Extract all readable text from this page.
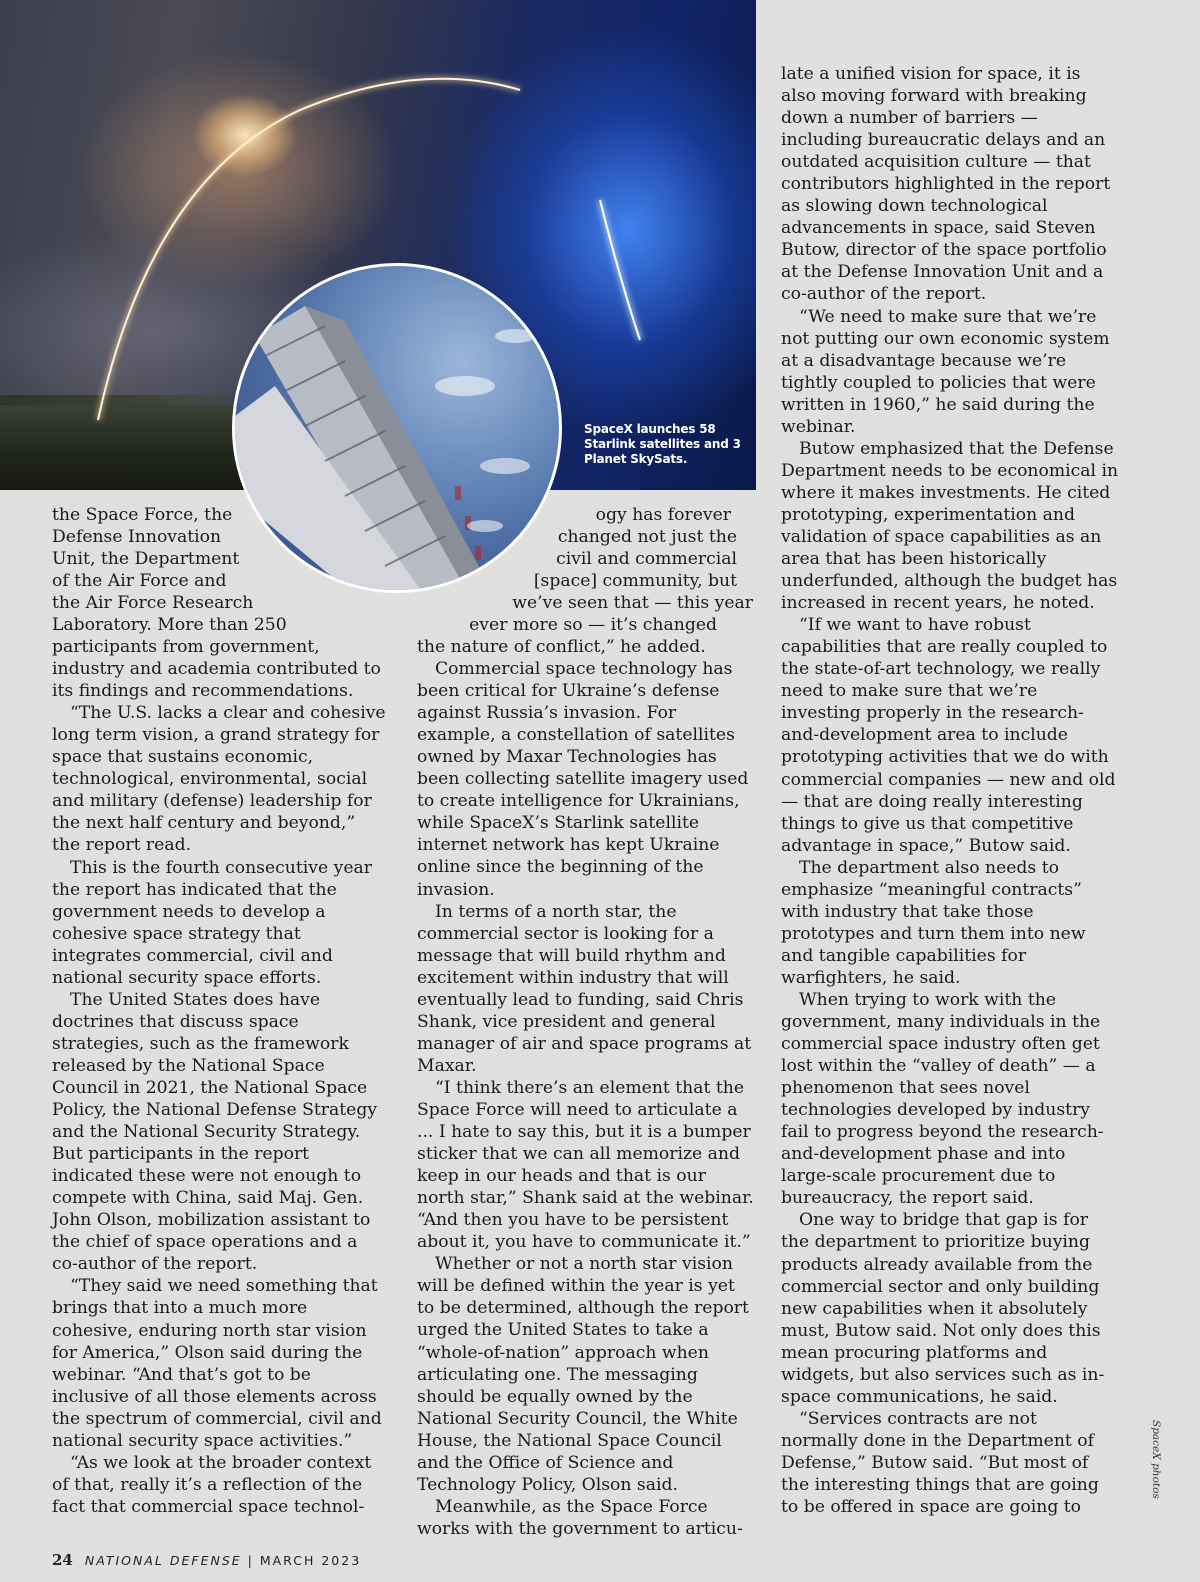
SpaceX launches 58 Starlink satellites and 3 Planet SkySats.
the Space Force, the
Defense Innovation
Unit, the Department
of the Air Force and
the Air Force Research

Laboratory. More than 250 participants from government, industry and academia contributed to its findings and recommendations.

“The U.S. lacks a clear and cohesive long term vision, a grand strategy for space that sustains economic, technological, environmental, social and military (defense) leadership for the next half century and beyond,” the report read.

This is the fourth consecutive year the report has indicated that the government needs to develop a cohesive space strategy that integrates commercial, civil and national security space efforts.

The United States does have doctrines that discuss space strategies, such as the framework released by the National Space Council in 2021, the National Space Policy, the National Defense Strategy and the National Security Strategy. But participants in the report indicated these were not enough to compete with China, said Maj. Gen. John Olson, mobilization assistant to the chief of space operations and a co-author of the report.

“They said we need something that brings that into a much more cohesive, enduring north star vision for America,” Olson said during the webinar. “And that’s got to be inclusive of all those elements across the spectrum of commercial, civil and national security space activities.”

“As we look at the broader context of that, really it’s a reflection of the fact that commercial space technol-

ogy has forever
changed not just the
civil and commercial
[space] community, but
we’ve seen that — this year
ever more so — it’s changed

the nature of conflict,” he added.

Commercial space technology has been critical for Ukraine’s defense against Russia’s invasion. For example, a constellation of satellites owned by Maxar Technologies has been collecting satellite imagery used to create intelligence for Ukrainians, while SpaceX’s Starlink satellite internet network has kept Ukraine online since the beginning of the invasion.

In terms of a north star, the commercial sector is looking for a message that will build rhythm and excitement within industry that will eventually lead to funding, said Chris Shank, vice president and general manager of air and space programs at Maxar.

“I think there’s an element that the Space Force will need to articulate a ... I hate to say this, but it is a bumper sticker that we can all memorize and keep in our heads and that is our north star,” Shank said at the webinar. “And then you have to be persistent about it, you have to communicate it.”

Whether or not a north star vision will be defined within the year is yet to be determined, although the report urged the United States to take a “whole-of-nation” approach when articulating one. The messaging should be equally owned by the National Security Council, the White House, the National Space Council and the Office of Science and Technology Policy, Olson said.

Meanwhile, as the Space Force works with the government to articu-

late a unified vision for space, it is also moving forward with breaking down a number of barriers — including bureaucratic delays and an outdated acquisition culture — that contributors highlighted in the report as slowing down technological advancements in space, said Steven Butow, director of the space portfolio at the Defense Innovation Unit and a co-author of the report.

“We need to make sure that we’re not putting our own economic system at a disadvantage because we’re tightly coupled to policies that were written in 1960,” he said during the webinar.

Butow emphasized that the Defense Department needs to be economical in where it makes investments. He cited prototyping, experimentation and validation of space capabilities as an area that has been historically underfunded, although the budget has increased in recent years, he noted.

“If we want to have robust capabilities that are really coupled to the state-of-art technology, we really need to make sure that we’re investing properly in the research-and-development area to include prototyping activities that we do with commercial companies — new and old — that are doing really interesting things to give us that competitive advantage in space,” Butow said.

The department also needs to emphasize “meaningful contracts” with industry that take those prototypes and turn them into new and tangible capabilities for warfighters, he said.

When trying to work with the government, many individuals in the commercial space industry often get lost within the “valley of death” — a phenomenon that sees novel technologies developed by industry fail to progress beyond the research-and-development phase and into large-scale procurement due to bureaucracy, the report said.

One way to bridge that gap is for the department to prioritize buying products already available from the commercial sector and only building new capabilities when it absolutely must, Butow said. Not only does this mean procuring platforms and widgets, but also services such as in-space communications, he said.

“Services contracts are not normally done in the Department of Defense,” Butow said. “But most of the interesting things that are going to be offered in space are going to

SpaceX photos
24 NATIONAL DEFENSE | MARCH 2023
